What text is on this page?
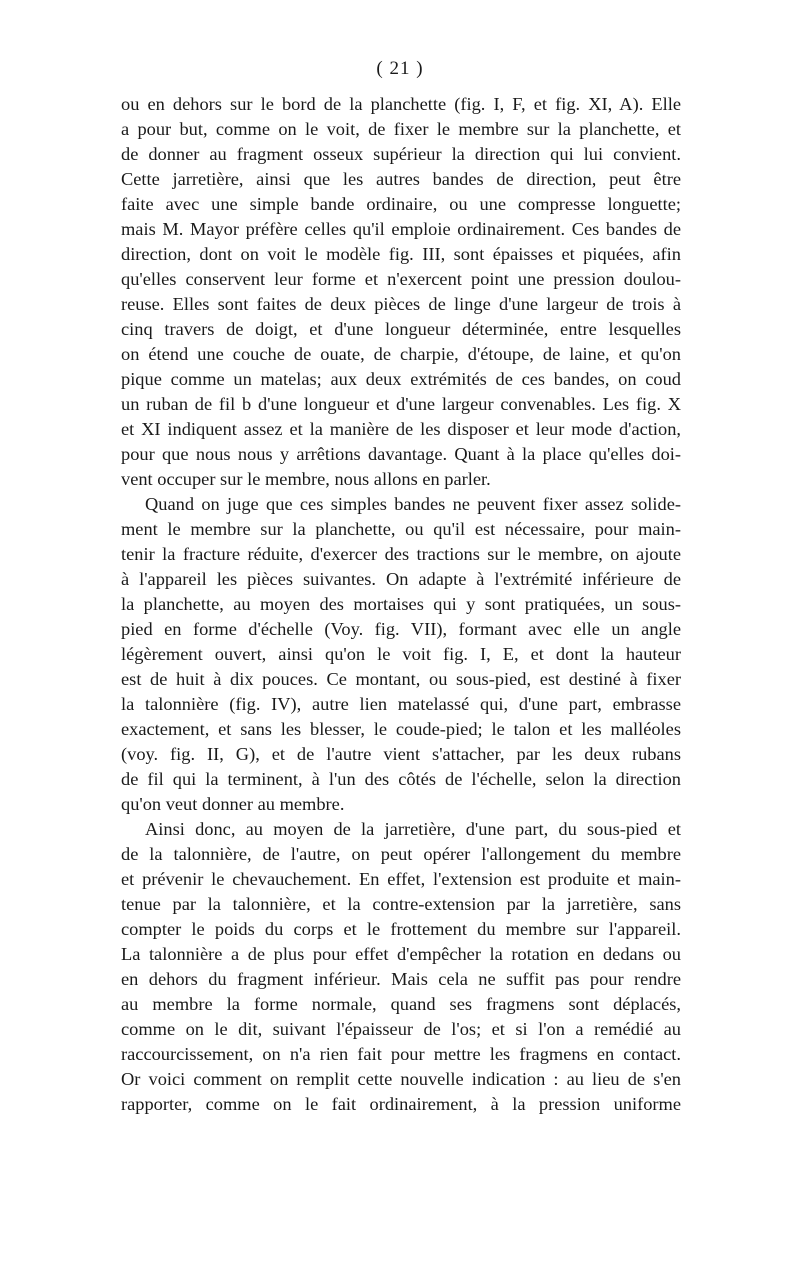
( 21 )
ou en dehors sur le bord de la planchette (fig. I, F, et fig. XI, A). Elle
a pour but, comme on le voit, de fixer le membre sur la planchette, et
de donner au fragment osseux supérieur la direction qui lui convient.
Cette jarretière, ainsi que les autres bandes de direction, peut être
faite avec une simple bande ordinaire, ou une compresse longuette;
mais M. Mayor préfère celles qu'il emploie ordinairement. Ces bandes de
direction, dont on voit le modèle fig. III, sont épaisses et piquées, afin
qu'elles conservent leur forme et n'exercent point une pression doulou-
reuse. Elles sont faites de deux pièces de linge d'une largeur de trois à
cinq travers de doigt, et d'une longueur déterminée, entre lesquelles
on étend une couche de ouate, de charpie, d'étoupe, de laine, et qu'on
pique comme un matelas; aux deux extrémités de ces bandes, on coud
un ruban de fil b d'une longueur et d'une largeur convenables. Les fig. X
et XI indiquent assez et la manière de les disposer et leur mode d'action,
pour que nous nous y arrêtions davantage. Quant à la place qu'elles doi-
vent occuper sur le membre, nous allons en parler.
Quand on juge que ces simples bandes ne peuvent fixer assez solide-
ment le membre sur la planchette, ou qu'il est nécessaire, pour main-
tenir la fracture réduite, d'exercer des tractions sur le membre, on ajoute
à l'appareil les pièces suivantes. On adapte à l'extrémité inférieure de
la planchette, au moyen des mortaises qui y sont pratiquées, un sous-
pied en forme d'échelle (Voy. fig. VII), formant avec elle un angle
légèrement ouvert, ainsi qu'on le voit fig. I, E, et dont la hauteur
est de huit à dix pouces. Ce montant, ou sous-pied, est destiné à fixer
la talonnière (fig. IV), autre lien matelassé qui, d'une part, embrasse
exactement, et sans les blesser, le coude-pied; le talon et les malléoles
(voy. fig. II, G), et de l'autre vient s'attacher, par les deux rubans
de fil qui la terminent, à l'un des côtés de l'échelle, selon la direction
qu'on veut donner au membre.
Ainsi donc, au moyen de la jarretière, d'une part, du sous-pied et
de la talonnière, de l'autre, on peut opérer l'allongement du membre
et prévenir le chevauchement. En effet, l'extension est produite et main-
tenue par la talonnière, et la contre-extension par la jarretière, sans
compter le poids du corps et le frottement du membre sur l'appareil.
La talonnière a de plus pour effet d'empêcher la rotation en dedans ou
en dehors du fragment inférieur. Mais cela ne suffit pas pour rendre
au membre la forme normale, quand ses fragmens sont déplacés,
comme on le dit, suivant l'épaisseur de l'os; et si l'on a remédié au
raccourcissement, on n'a rien fait pour mettre les fragmens en contact.
Or voici comment on remplit cette nouvelle indication : au lieu de s'en
rapporter, comme on le fait ordinairement, à la pression uniforme
